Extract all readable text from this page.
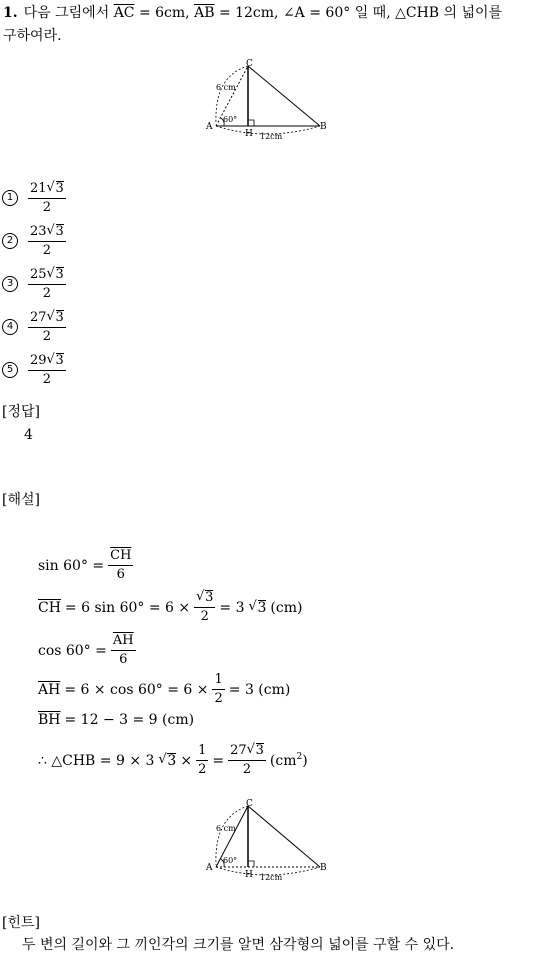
1. 다음 그림에서 $\overline{AC} = 6cm$, $\overline{AB} = 12cm$, ∠A = 60° 일 때, △CHB 의 넓이를
구하여라.
C
A	B
H
6 cm
60°
12cm
1	$\frac{21 √ 3}{2}$
2	$\frac{23 √ 3}{2}$
3	$\frac{25 √ 3}{2}$
4	$\frac{27 √ 3}{2}$
5	$\frac{29 √ 3}{2}$
[정답]
4
[해설]
$\sin 60^\circ = \frac{\overline{CH}}{6}$
$\overline{CH} = 6$ sin 60° = 6 × √ $\frac{3}{2} = 3$ √ 3 (cm)
$\cos 60^\circ = \frac{\overline{AH}}{6}$
$\overline{AH} = 6 \times \cos 60^\circ = 6 \times \frac{1}{2} = 3$ (cm)
$\overline{BH} = 12 - 3 = 9$ (cm)
∴ △CHB = 9 × 3 √ $3 \times \frac{1}{2} = \frac{27 √ 3}{2} (cm^2)$
C
A	B
H
6 cm
60°
12cm
[힌트]
두 변의 길이와 그 끼인각의 크기를 알면 삼각형의 넓이를 구할 수 있다.
